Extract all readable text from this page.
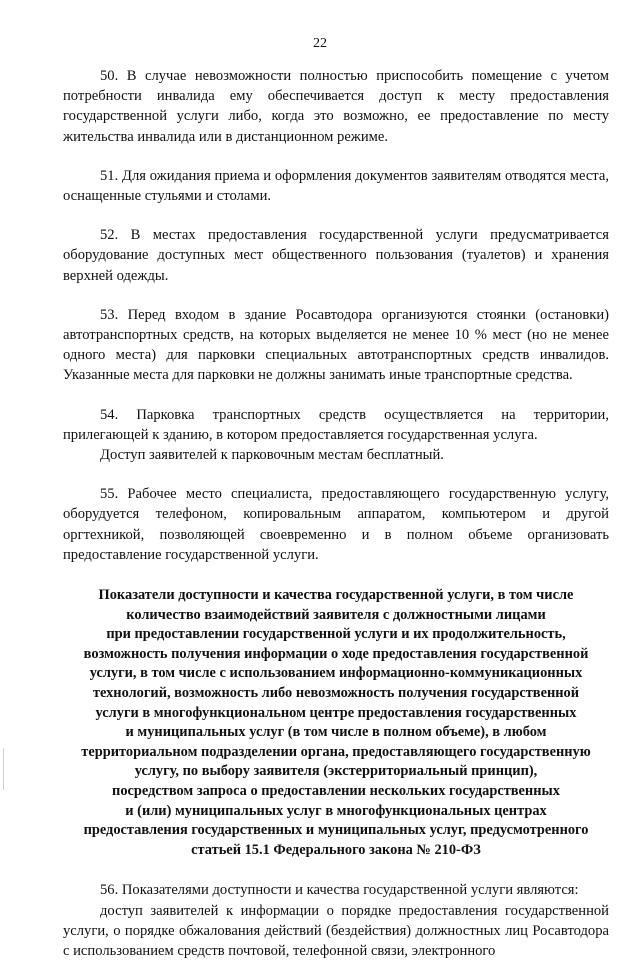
22

50. В случае невозможности полностью приспособить помещение с учетом потребности инвалида ему обеспечивается доступ к месту предоставления государственной услуги либо, когда это возможно, ее предоставление по месту жительства инвалида или в дистанционном режиме.

51. Для ожидания приема и оформления документов заявителям отводятся места, оснащенные стульями и столами.

52. В местах предоставления государственной услуги предусматривается оборудование доступных мест общественного пользования (туалетов) и хранения верхней одежды.

53. Перед входом в здание Росавтодора организуются стоянки (остановки) автотранспортных средств, на которых выделяется не менее 10 % мест (но не менее одного места) для парковки специальных автотранспортных средств инвалидов. Указанные места для парковки не должны занимать иные транспортные средства.

54. Парковка транспортных средств осуществляется на территории, прилегающей к зданию, в котором предоставляется государственная услуга.

Доступ заявителей к парковочным местам бесплатный.

55. Рабочее место специалиста, предоставляющего государственную услугу, оборудуется телефоном, копировальным аппаратом, компьютером и другой оргтехникой, позволяющей своевременно и в полном объеме организовать предоставление государственной услуги.

Показатели доступности и качества государственной услуги, в том числе
количество взаимодействий заявителя с должностными лицами
при предоставлении государственной услуги и их продолжительность,
возможность получения информации о ходе предоставления государственной
услуги, в том числе с использованием информационно-коммуникационных
технологий, возможность либо невозможность получения государственной
услуги в многофункциональном центре предоставления государственных
и муниципальных услуг (в том числе в полном объеме), в любом
территориальном подразделении органа, предоставляющего государственную
услугу, по выбору заявителя (экстерриториальный принцип),
посредством запроса о предоставлении нескольких государственных
и (или) муниципальных услуг в многофункциональных центрах
предоставления государственных и муниципальных услуг, предусмотренного
статьей 15.1 Федерального закона № 210-ФЗ

56. Показателями доступности и качества государственной услуги являются:

доступ заявителей к информации о порядке предоставления государственной услуги, о порядке обжалования действий (бездействия) должностных лиц Росавтодора с использованием средств почтовой, телефонной связи, электронного
